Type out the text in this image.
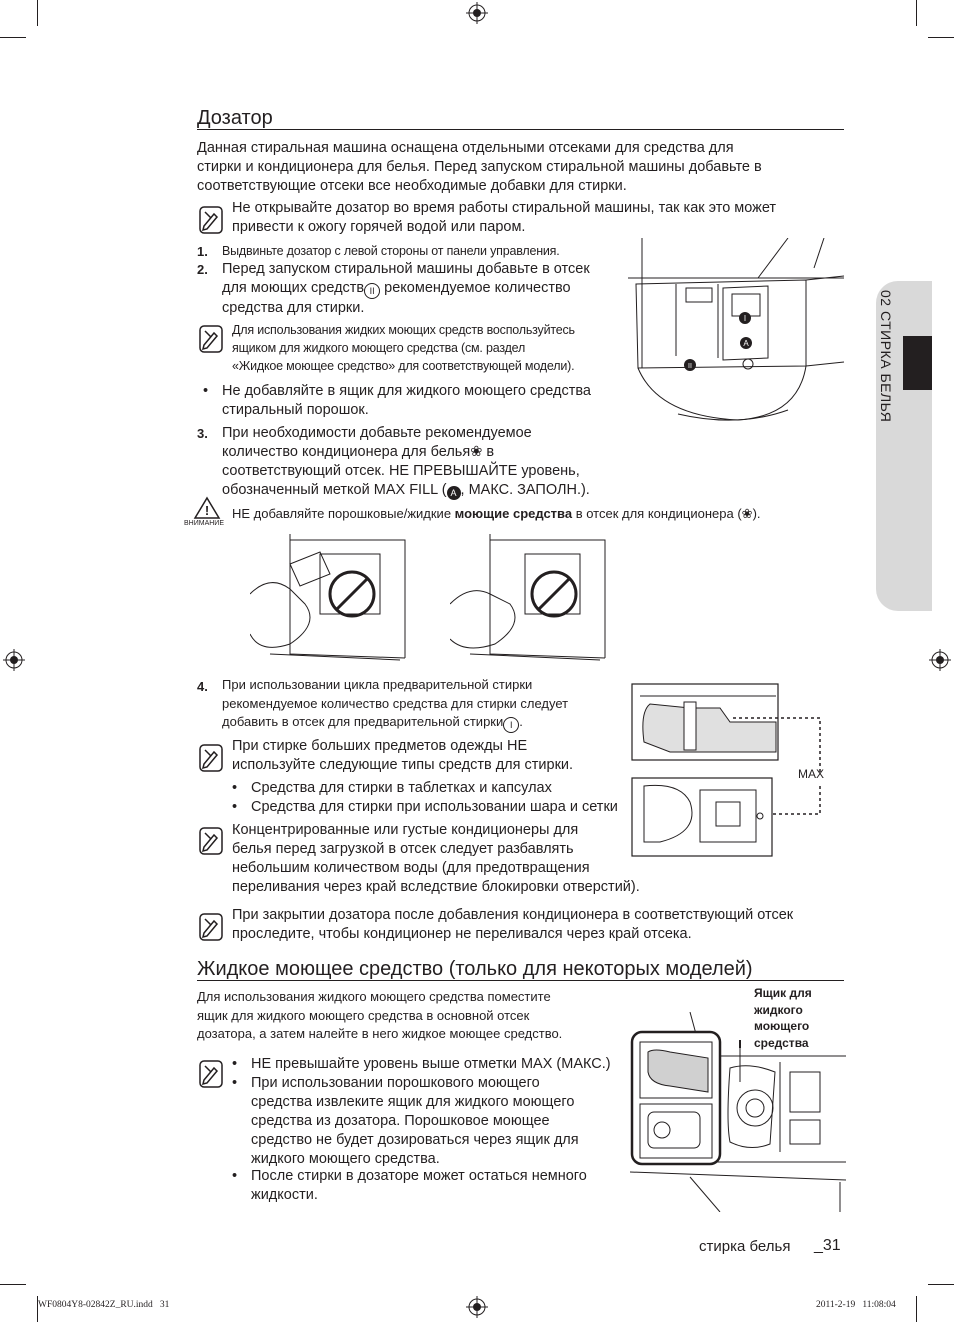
02 СТИРКА БЕЛЬЯ
Дозатор
Данная стиральная машина оснащена отдельными отсеками для средства для
стирки и кондиционера для белья. Перед запуском стиральной машины добавьте в
соответствующие отсеки все необходимые добавки для стирки.
Не открывайте дозатор во время работы стиральной машины, так как это может
привести к ожогу горячей водой или паром.
1. Выдвиньте дозатор с левой стороны от панели управления.
2. Перед запуском стиральной машины добавьте в отсек
для моющих средств II рекомендуемое количество
средства для стирки.
Для использования жидких моющих средств воспользуйтесь
ящиком для жидкого моющего средства (см. раздел
«Жидкое моющее средство» для соответствующей модели).
• Не добавляйте в ящик для жидкого моющего средства
стиральный порошок.
3. При необходимости добавьте рекомендуемое
количество кондиционера для белья❀ в
соответствующий отсек. НЕ ПРЕВЫШАЙТЕ уровень,
обозначенный меткой MAX FILL ( A , МАКС. ЗАПОЛН.).
!
ВНИМАНИЕ
НЕ добавляйте порошковые/жидкие моющие средства в отсек для кондиционера (❀).
I
A
II
4. При использовании цикла предварительной стирки
рекомендуемое количество средства для стирки следует
добавить в отсек для предварительной стирки I .
При стирке больших предметов одежды НЕ
используйте следующие типы средств для стирки.
• Средства для стирки в таблетках и капсулах
• Средства для стирки при использовании шара и сетки
Концентрированные или густые кондиционеры для
белья перед загрузкой в отсек следует разбавлять
небольшим количеством воды (для предотвращения
переливания через край вследствие блокировки отверстий).
MAX
При закрытии дозатора после добавления кондиционера в соответствующий отсек
проследите, чтобы кондиционер не переливался через край отсека.
Жидкое моющее средство (только для некоторых моделей)
Для использования жидкого моющего средства поместите
ящик для жидкого моющего средства в основной отсек
дозатора, а затем налейте в него жидкое моющее средство.
• НЕ превышайте уровень выше отметки MAX (МАКС.)
• При использовании порошкового моющего
средства извлеките ящик для жидкого моющего
средства из дозатора. Порошковое моющее
средство не будет дозироваться через ящик для
жидкого моющего средства.
• После стирки в дозаторе может остаться немного
жидкости.
Ящик для
жидкого
моющего
средства
стирка белья _31
WF0804Y8-02842Z_RU.indd   31	2011-2-19   11:08:04
